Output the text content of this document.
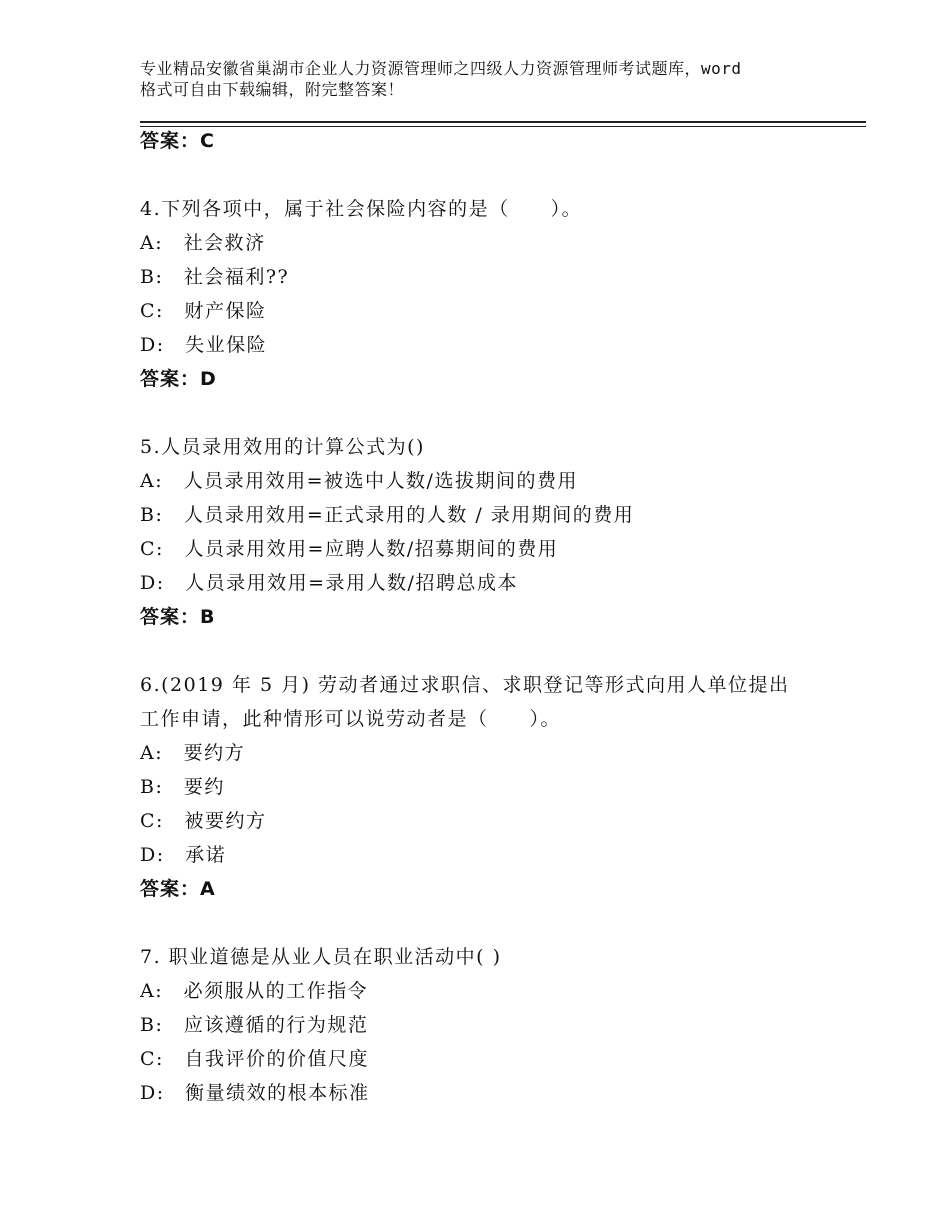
专业精品安徽省巢湖市企业人力资源管理师之四级人力资源管理师考试题库，word
格式可自由下载编辑，附完整答案！
答案：C
4.下列各项中，属于社会保险内容的是（　　）。
A:　社会救济
B:　社会福利??
C:　财产保险
D:　失业保险
答案：D
5.人员录用效用的计算公式为()
A:　人员录用效用=被选中人数/选拔期间的费用
B:　人员录用效用=正式录用的人数 / 录用期间的费用
C:　人员录用效用=应聘人数/招募期间的费用
D:　人员录用效用=录用人数/招聘总成本
答案：B
6.(2019 年 5 月) 劳动者通过求职信、求职登记等形式向用人单位提出
工作申请，此种情形可以说劳动者是（　　）。
A:　要约方
B:　要约
C:　被要约方
D:　承诺
答案：A
7. 职业道德是从业人员在职业活动中( )
A:　必须服从的工作指令
B:　应该遵循的行为规范
C:　自我评价的价值尺度
D:　衡量绩效的根本标准
